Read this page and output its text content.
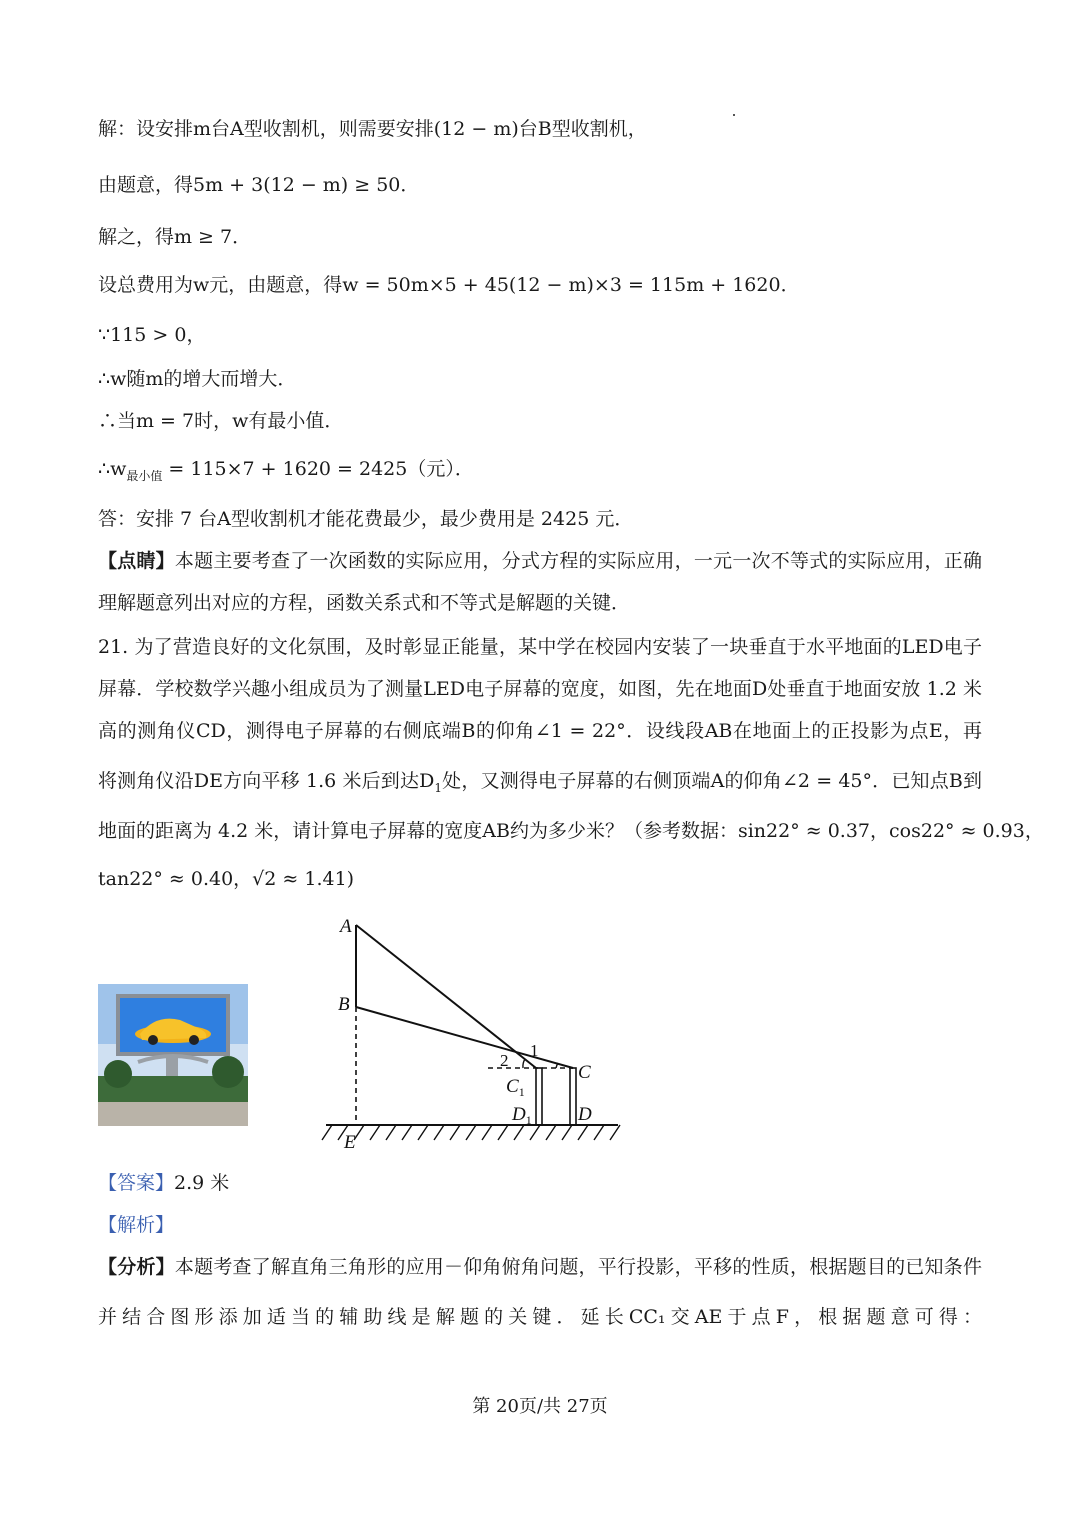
解：设安排m台A型收割机，则需要安排(12 − m)台B型收割机，
由题意，得5m + 3(12 − m) ≥ 50．
解之，得m ≥ 7．
设总费用为w元，由题意，得w = 50m×5 + 45(12 − m)×3 = 115m + 1620．
∵115 > 0，
∴w随m的增大而增大．
∴当m = 7时，w有最小值．
$\therefore w_{最小值} = 115\times 7 + 1620 = 2425$（元）．
答：安排 7 台A型收割机才能花费最少，最少费用是 2425 元．
【点睛】本题主要考查了一次函数的实际应用，分式方程的实际应用，一元一次不等式的实际应用，正确
理解题意列出对应的方程，函数关系式和不等式是解题的关键．
21. 为了营造良好的文化氛围，及时彰显正能量，某中学在校园内安装了一块垂直于水平地面的LED电子
屏幕．学校数学兴趣小组成员为了测量LED电子屏幕的宽度，如图，先在地面D处垂直于地面安放 1.2 米
高的测角仪CD，测得电子屏幕的右侧底端B的仰角∠1 = 22°．设线段AB在地面上的正投影为点E，再
将测角仪沿DE方向平移 1.6 米后到达$D_1$处，又测得电子屏幕的右侧顶端A的仰角∠2 = 45°．已知点B到
地面的距离为 4.2 米，请计算电子屏幕的宽度AB约为多少米？（参考数据：sin22° ≈ 0.37，cos22° ≈ 0.93，
tan22° ≈ 0.40，√2 ≈ 1.41)
A
B
C
$C_1$
$D_1$ D
E
1
2
【答案】2.9 米
【解析】
【分析】本题考查了解直角三角形的应用－仰角俯角问题，平行投影，平移的性质，根据题目的已知条件
并结合图形添加适当的辅助线是解题的关键．延长CC₁交AE于点F，根据题意可得：
第 20页/共 27页
